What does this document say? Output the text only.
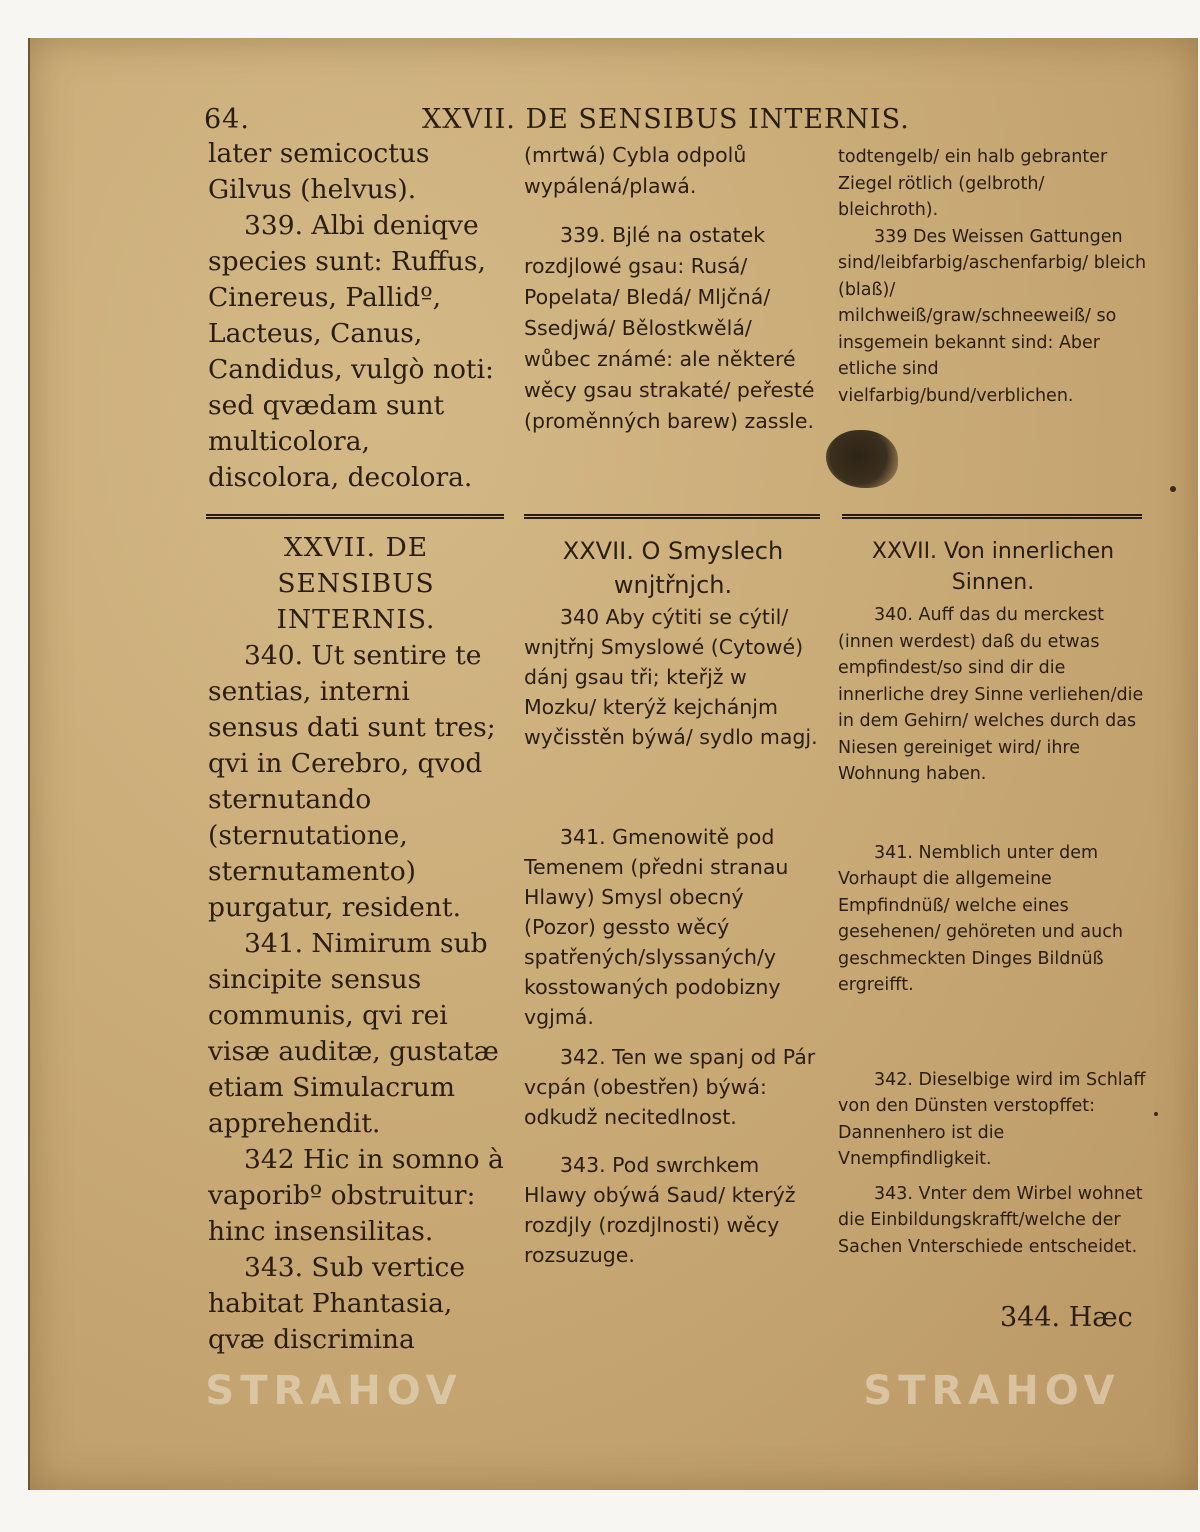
64.	XXVII. DE SENSIBUS INTERNIS.

later semicoctus Gilvus (helvus).

339. Albi deniqve species sunt: Ruffus, Cinereus, Pallidº, Lacteus, Canus, Candidus, vulgò noti: sed qvædam sunt multicolora, discolora, decolora.

(mrtwá) Cybla odpolů wypálená/plawá.

339. Bjlé na ostatek rozdjlowé gsau: Rusá/ Popelata/ Bledá/ Mljčná/ Ssedjwá/ Bělostkwělá/ wůbec známé: ale některé wěcy gsau strakaté/ peřesté (proměnných barew) zassle.

todtengelb/ ein halb gebranter Ziegel rötlich (gelbroth/ bleichroth).

339 Des Weissen Gattungen sind/leibfarbig/aschenfarbig/ bleich (blaß)/ milchweiß/graw/schneeweiß/ so insgemein bekannt sind: Aber etliche sind vielfarbig/bund/verblichen.

XXVII. DE SENSIBUS INTERNIS.

340. Ut sentire te sentias, interni sensus dati sunt tres; qvi in Cerebro, qvod sternutando (sternutatione, sternutamento) purgatur, resident.

341. Nimirum sub sincipite sensus communis, qvi rei visæ auditæ, gustatæ etiam Simulacrum apprehendit.

342 Hic in somno à vaporibº obstruitur: hinc insensilitas.

343. Sub vertice habitat Phantasia, qvæ discrimina

XXVII. O Smyslech wnjtřnjch.

340 Aby cýtiti se cýtil/ wnjtřnj Smyslowé (Cytowé) dánj gsau tři; kteřjž w Mozku/ kterýž kejchánjm wyčisstěn býwá/ sydlo magj.

341. Gmenowitě pod Temenem (předni stranau Hlawy) Smysl obecný (Pozor) gessto wěcý spatřených/slyssaných/y kosstowaných podobizny vgjmá.

342. Ten we spanj od Pár vcpán (obestřen) býwá: odkudž necitedlnost.

343. Pod swrchkem Hlawy obýwá Saud/ kterýž rozdjly (rozdjlnosti) wěcy rozsuzuge.

XXVII. Von innerlichen Sinnen.

340. Auff das du merckest (innen werdest) daß du etwas empfindest/so sind dir die innerliche drey Sinne verliehen/die in dem Gehirn/ welches durch das Niesen gereiniget wird/ ihre Wohnung haben.

341. Nemblich unter dem Vorhaupt die allgemeine Empfindnüß/ welche eines gesehenen/ gehöreten und auch geschmeckten Dinges Bildnüß ergreifft.

342. Dieselbige wird im Schlaff von den Dünsten verstopffet: Dannenhero ist die Vnempfindligkeit.

343. Vnter dem Wirbel wohnet die Einbildungskrafft/welche der Sachen Vnterschiede entscheidet.

344. Hæc
STRAHOV	STRAHOV
